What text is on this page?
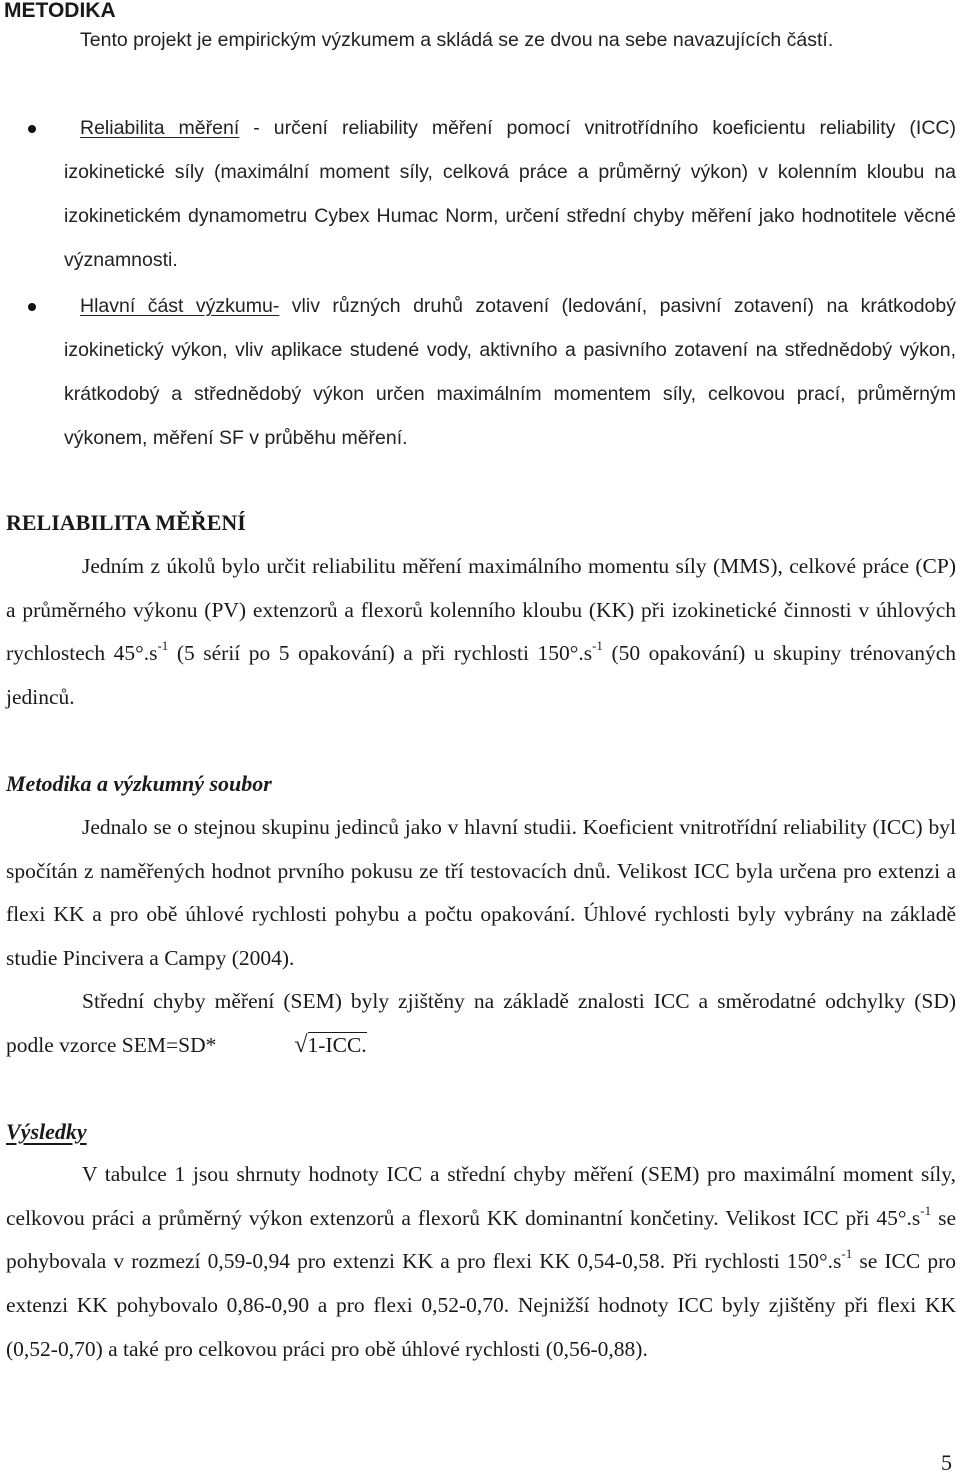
METODIKA

Tento projekt je empirickým výzkumem a skládá se ze dvou na sebe navazujících částí.

Reliabilita měření - určení reliability měření pomocí vnitrotřídního koeficientu reliability (ICC) izokinetické síly (maximální moment síly, celková práce a průměrný výkon) v kolenním kloubu na izokinetickém dynamometru Cybex Humac Norm, určení střední chyby měření jako hodnotitele věcné významnosti.

Hlavní část výzkumu- vliv různých druhů zotavení (ledování, pasivní zotavení) na krátkodobý izokinetický výkon, vliv aplikace studené vody, aktivního a pasivního zotavení na střednědobý výkon, krátkodobý a střednědobý výkon určen maximálním momentem síly, celkovou prací, průměrným výkonem, měření SF v průběhu měření.

RELIABILITA MĚŘENÍ

Jedním z úkolů bylo určit reliabilitu měření maximálního momentu síly (MMS), celkové práce (CP) a průměrného výkonu (PV) extenzorů a flexorů kolenního kloubu (KK) při izokinetické činnosti v úhlových rychlostech $45^\circ.s^{-1}$ (5 sérií po 5 opakování) a při rychlosti $150^\circ.s^{-1}$ (50 opakování) u skupiny trénovaných jedinců.

Metodika a výzkumný soubor

Jednalo se o stejnou skupinu jedinců jako v hlavní studii. Koeficient vnitrotřídní reliability (ICC) byl spočítán z naměřených hodnot prvního pokusu ze tří testovacích dnů. Velikost ICC byla určena pro extenzi a flexi KK a pro obě úhlové rychlosti pohybu a počtu opakování. Úhlové rychlosti byly vybrány na základě studie Pincivera a Campy (2004).

Střední chyby měření (SEM) byly zjištěny na základě znalosti ICC a směrodatné odchylky (SD) podle vzorce SEM=SD*	√1-ICC.

Výsledky

V tabulce 1 jsou shrnuty hodnoty ICC a střední chyby měření (SEM) pro maximální moment síly, celkovou práci a průměrný výkon extenzorů a flexorů KK dominantní končetiny. Velikost ICC při $45^\circ.s^{-1}$ se pohybovala v rozmezí 0,59-0,94 pro extenzi KK a pro flexi KK 0,54-0,58. Při rychlosti $150^\circ.s^{-1}$ se ICC pro extenzi KK pohybovalo 0,86-0,90 a pro flexi 0,52-0,70. Nejnižší hodnoty ICC byly zjištěny při flexi KK (0,52-0,70) a také pro celkovou práci pro obě úhlové rychlosti (0,56-0,88).

5
